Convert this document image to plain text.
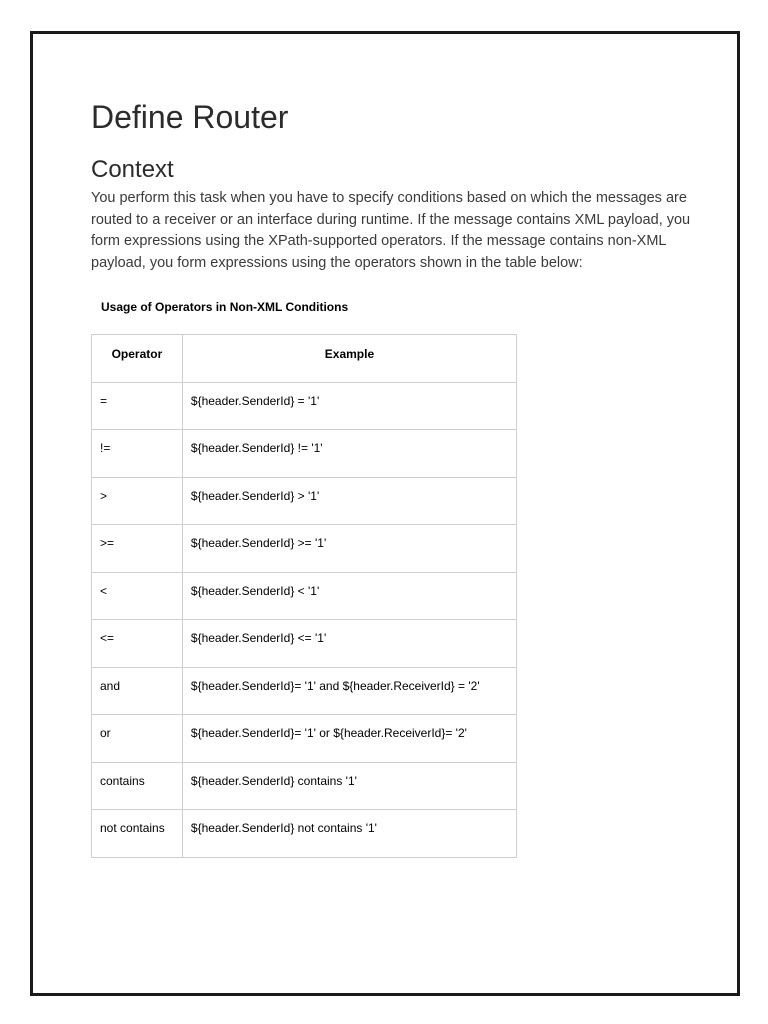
Define Router
Context

You perform this task when you have to specify conditions based on which the messages are routed to a receiver or an interface during runtime. If the message contains XML payload, you form expressions using the XPath-supported operators. If the message contains non-XML payload, you form expressions using the operators shown in the table below:

Usage of Operators in Non-XML Conditions
Operator	Example
=	${header.SenderId} = '1'
!=	${header.SenderId} != '1'
>	${header.SenderId} > '1'
>=	${header.SenderId} >= '1'
<	${header.SenderId} < '1'
<=	${header.SenderId} <= '1'
and	${header.SenderId}= '1' and ${header.ReceiverId} = '2'
or	${header.SenderId}= '1' or ${header.ReceiverId}= '2'
contains	${header.SenderId} contains '1'
not contains	${header.SenderId} not contains '1'
